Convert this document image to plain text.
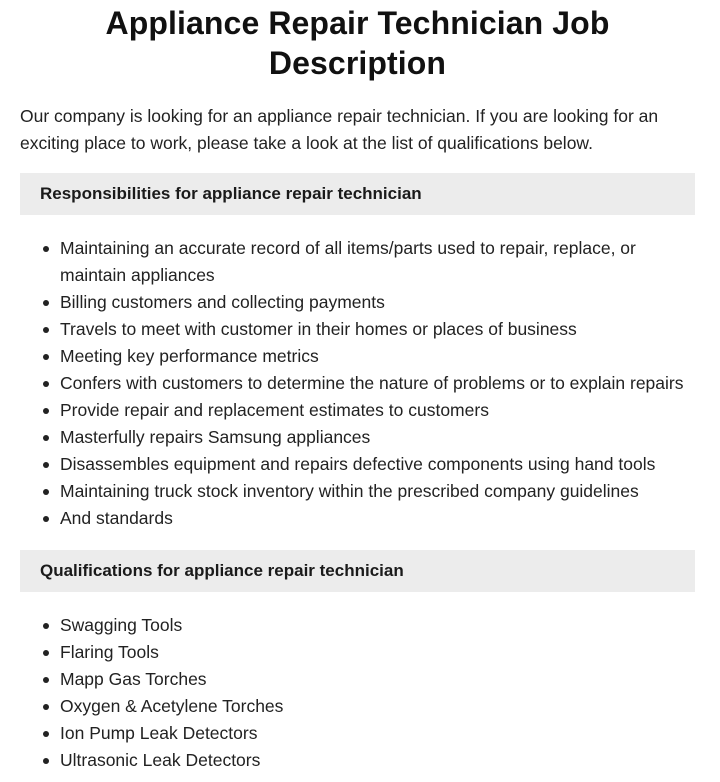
Appliance Repair Technician Job Description

Our company is looking for an appliance repair technician. If you are looking for an exciting place to work, please take a look at the list of qualifications below.

Responsibilities for appliance repair technician
Maintaining an accurate record of all items/parts used to repair, replace, or maintain appliances
Billing customers and collecting payments
Travels to meet with customer in their homes or places of business
Meeting key performance metrics
Confers with customers to determine the nature of problems or to explain repairs
Provide repair and replacement estimates to customers
Masterfully repairs Samsung appliances
Disassembles equipment and repairs defective components using hand tools
Maintaining truck stock inventory within the prescribed company guidelines
And standards
Qualifications for appliance repair technician
Swagging Tools
Flaring Tools
Mapp Gas Torches
Oxygen & Acetylene Torches
Ion Pump Leak Detectors
Ultrasonic Leak Detectors
